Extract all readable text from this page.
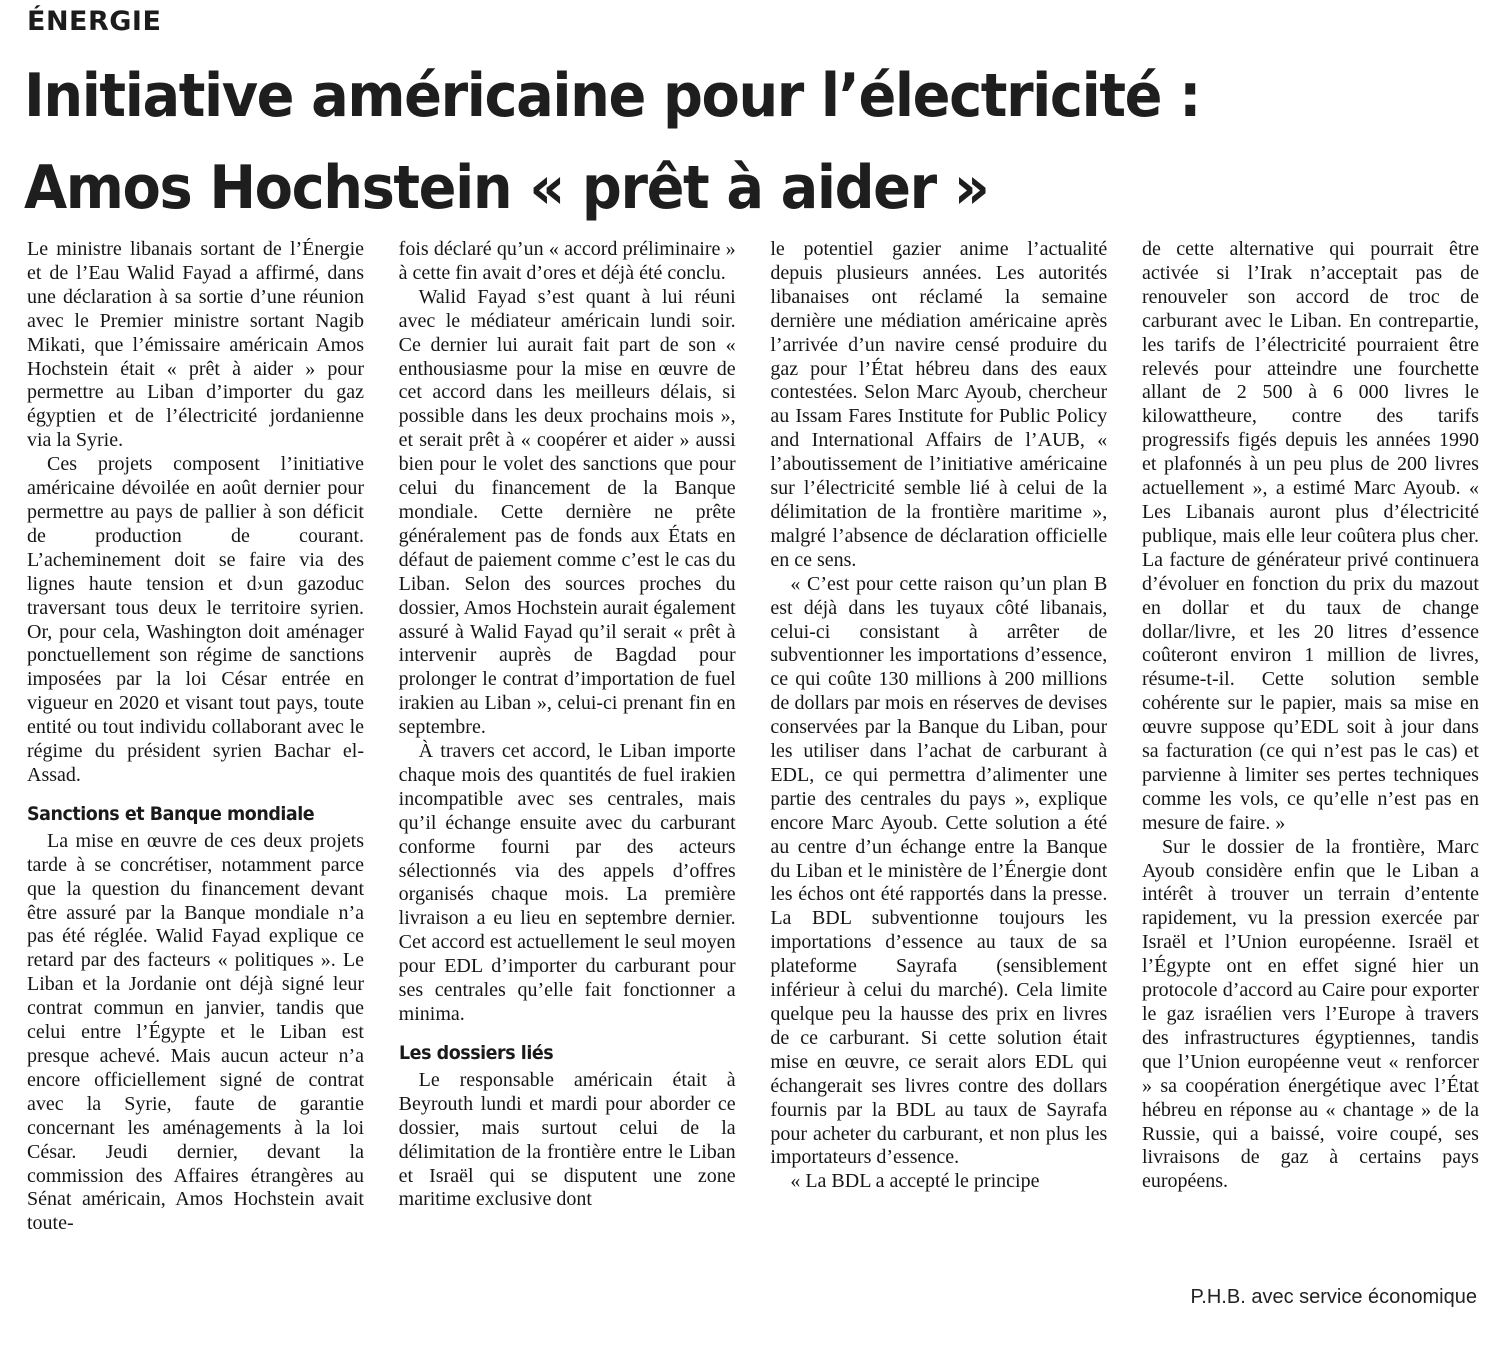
ÉNERGIE
Initiative américaine pour l’électricité :
Amos Hochstein « prêt à aider »

Le ministre libanais sortant de l’Énergie et de l’Eau Walid Fayad a affirmé, dans une déclaration à sa sortie d’une réunion avec le Premier ministre sortant Nagib Mikati, que l’émissaire américain Amos Hochstein était « prêt à aider » pour permettre au Liban d’importer du gaz égyptien et de l’électricité jordanienne via la Syrie.

Ces projets composent l’initiative américaine dévoilée en août dernier pour permettre au pays de pallier à son déficit de production de courant. L’acheminement doit se faire via des lignes haute tension et d›un gazoduc traversant tous deux le territoire syrien. Or, pour cela, Washington doit aménager ponctuellement son régime de sanctions imposées par la loi César entrée en vigueur en 2020 et visant tout pays, toute entité ou tout individu collaborant avec le régime du président syrien Bachar el-Assad.

Sanctions et Banque mondiale

La mise en œuvre de ces deux projets tarde à se concrétiser, notamment parce que la question du financement devant être assuré par la Banque mondiale n’a pas été réglée. Walid Fayad explique ce retard par des facteurs « politiques ». Le Liban et la Jordanie ont déjà signé leur contrat commun en janvier, tandis que celui entre l’Égypte et le Liban est presque achevé. Mais aucun acteur n’a encore officiellement signé de contrat avec la Syrie, faute de garantie concernant les aménagements à la loi César. Jeudi dernier, devant la commission des Affaires étrangères au Sénat américain, Amos Hochstein avait toute-

fois déclaré qu’un « accord préliminaire » à cette fin avait d’ores et déjà été conclu.

Walid Fayad s’est quant à lui réuni avec le médiateur américain lundi soir. Ce dernier lui aurait fait part de son « enthousiasme pour la mise en œuvre de cet accord dans les meilleurs délais, si possible dans les deux prochains mois », et serait prêt à « coopérer et aider » aussi bien pour le volet des sanctions que pour celui du financement de la Banque mondiale. Cette dernière ne prête généralement pas de fonds aux États en défaut de paiement comme c’est le cas du Liban. Selon des sources proches du dossier, Amos Hochstein aurait également assuré à Walid Fayad qu’il serait « prêt à intervenir auprès de Bagdad pour prolonger le contrat d’importation de fuel irakien au Liban », celui-ci prenant fin en septembre.

À travers cet accord, le Liban importe chaque mois des quantités de fuel irakien incompatible avec ses centrales, mais qu’il échange ensuite avec du carburant conforme fourni par des acteurs sélectionnés via des appels d’offres organisés chaque mois. La première livraison a eu lieu en septembre dernier. Cet accord est actuellement le seul moyen pour EDL d’importer du carburant pour ses centrales qu’elle fait fonctionner a minima.

Les dossiers liés

Le responsable américain était à Beyrouth lundi et mardi pour aborder ce dossier, mais surtout celui de la délimitation de la frontière entre le Liban et Israël qui se disputent une zone maritime exclusive dont

le potentiel gazier anime l’actualité depuis plusieurs années. Les autorités libanaises ont réclamé la semaine dernière une médiation américaine après l’arrivée d’un navire censé produire du gaz pour l’État hébreu dans des eaux contestées. Selon Marc Ayoub, chercheur au Issam Fares Institute for Public Policy and International Affairs de l’AUB, « l’aboutissement de l’initiative américaine sur l’électricité semble lié à celui de la délimitation de la frontière maritime », malgré l’absence de déclaration officielle en ce sens.

« C’est pour cette raison qu’un plan B est déjà dans les tuyaux côté libanais, celui-ci consistant à arrêter de subventionner les importations d’essence, ce qui coûte 130 millions à 200 millions de dollars par mois en réserves de devises conservées par la Banque du Liban, pour les utiliser dans l’achat de carburant à EDL, ce qui permettra d’alimenter une partie des centrales du pays », explique encore Marc Ayoub. Cette solution a été au centre d’un échange entre la Banque du Liban et le ministère de l’Énergie dont les échos ont été rapportés dans la presse. La BDL subventionne toujours les importations d’essence au taux de sa plateforme Sayrafa (sensiblement inférieur à celui du marché). Cela limite quelque peu la hausse des prix en livres de ce carburant. Si cette solution était mise en œuvre, ce serait alors EDL qui échangerait ses livres contre des dollars fournis par la BDL au taux de Sayrafa pour acheter du carburant, et non plus les importateurs d’essence.

« La BDL a accepté le principe

de cette alternative qui pourrait être activée si l’Irak n’acceptait pas de renouveler son accord de troc de carburant avec le Liban. En contrepartie, les tarifs de l’électricité pourraient être relevés pour atteindre une fourchette allant de 2 500 à 6 000 livres le kilowattheure, contre des tarifs progressifs figés depuis les années 1990 et plafonnés à un peu plus de 200 livres actuellement », a estimé Marc Ayoub. « Les Libanais auront plus d’électricité publique, mais elle leur coûtera plus cher. La facture de générateur privé continuera d’évoluer en fonction du prix du mazout en dollar et du taux de change dollar/livre, et les 20 litres d’essence coûteront environ 1 million de livres, résume-t-il. Cette solution semble cohérente sur le papier, mais sa mise en œuvre suppose qu’EDL soit à jour dans sa facturation (ce qui n’est pas le cas) et parvienne à limiter ses pertes techniques comme les vols, ce qu’elle n’est pas en mesure de faire. »

Sur le dossier de la frontière, Marc Ayoub considère enfin que le Liban a intérêt à trouver un terrain d’entente rapidement, vu la pression exercée par Israël et l’Union européenne. Israël et l’Égypte ont en effet signé hier un protocole d’accord au Caire pour exporter le gaz israélien vers l’Europe à travers des infrastructures égyptiennes, tandis que l’Union européenne veut « renforcer » sa coopération énergétique avec l’État hébreu en réponse au « chantage » de la Russie, qui a baissé, voire coupé, ses livraisons de gaz à certains pays européens.

P.H.B. avec service économique
